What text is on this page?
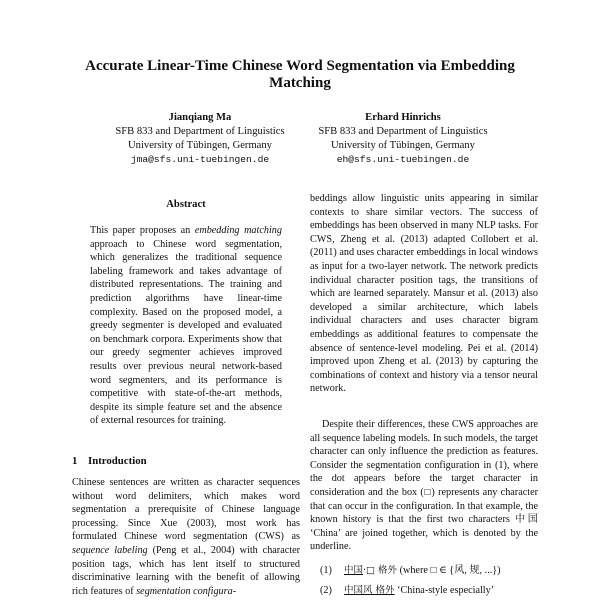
Accurate Linear-Time Chinese Word Segmentation via Embedding Matching
Jianqiang Ma
SFB 833 and Department of Linguistics
University of Tübingen, Germany
jma@sfs.uni-tuebingen.de
Erhard Hinrichs
SFB 833 and Department of Linguistics
University of Tübingen, Germany
eh@sfs.uni-tuebingen.de
Abstract
This paper proposes an embedding matching approach to Chinese word segmentation, which generalizes the traditional sequence labeling framework and takes advantage of distributed representations. The training and prediction algorithms have linear-time complexity. Based on the proposed model, a greedy segmenter is developed and evaluated on benchmark corpora. Experiments show that our greedy segmenter achieves improved results over previous neural network-based word segmenters, and its performance is competitive with state-of-the-art methods, despite its simple feature set and the absence of external resources for training.
1 Introduction
Chinese sentences are written as character sequences without word delimiters, which makes word segmentation a prerequisite of Chinese language processing. Since Xue (2003), most work has formulated Chinese word segmentation (CWS) as sequence labeling (Peng et al., 2004) with character position tags, which has lent itself to structured discriminative learning with the benefit of allowing rich features of segmentation configura-
beddings allow linguistic units appearing in similar contexts to share similar vectors. The success of embeddings has been observed in many NLP tasks. For CWS, Zheng et al. (2013) adapted Collobert et al. (2011) and uses character embeddings in local windows as input for a two-layer network. The network predicts individual character position tags, the transitions of which are learned separately. Mansur et al. (2013) also developed a similar architecture, which labels individual characters and uses character bigram embeddings as additional features to compensate the absence of sentence-level modeling. Pei et al. (2014) improved upon Zheng et al. (2013) by capturing the combinations of context and history via a tensor neural network.
Despite their differences, these CWS approaches are all sequence labeling models. In such models, the target character can only influence the prediction as features. Consider the segmentation configuration in (1), where the dot appears before the target character in consideration and the box (□) represents any character that can occur in the configuration. In that example, the known history is that the first two characters 中国 ‘China’ are joined together, which is denoted by the underline.
(1) 中国·□ 格外 (where □ ∈ {风, 规, ...})
(2) 中国风 格外 ‘China-style especially’
